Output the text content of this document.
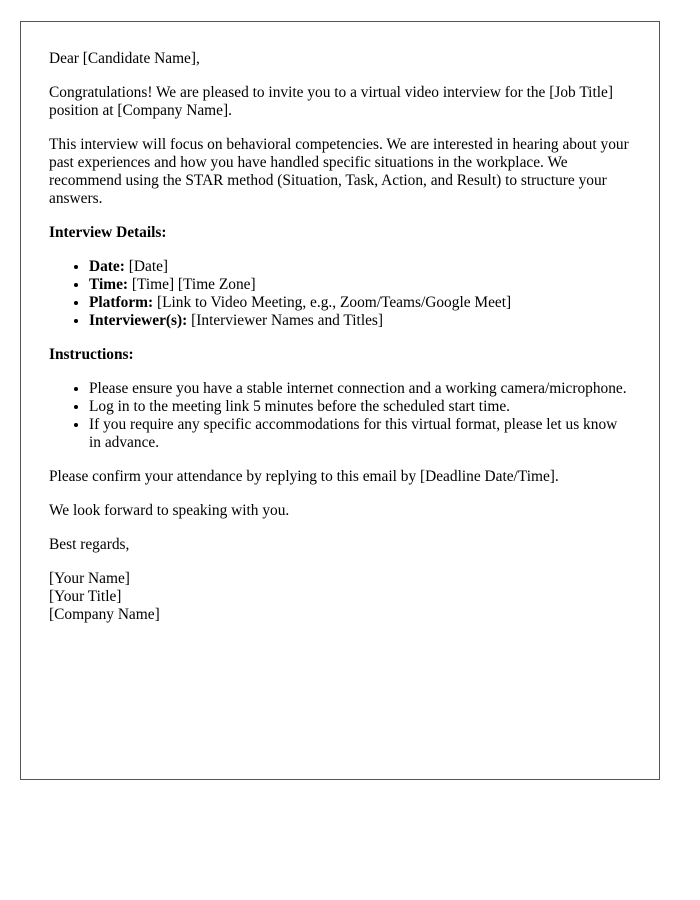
Dear [Candidate Name],

Congratulations! We are pleased to invite you to a virtual video interview for the [Job Title] position at [Company Name].

This interview will focus on behavioral competencies. We are interested in hearing about your past experiences and how you have handled specific situations in the workplace. We recommend using the STAR method (Situation, Task, Action, and Result) to structure your answers.

Interview Details:

• Date: [Date]
• Time: [Time] [Time Zone]
• Platform: [Link to Video Meeting, e.g., Zoom/Teams/Google Meet]
• Interviewer(s): [Interviewer Names and Titles]

Instructions:

• Please ensure you have a stable internet connection and a working camera/microphone.
• Log in to the meeting link 5 minutes before the scheduled start time.
• If you require any specific accommodations for this virtual format, please let us know in advance.

Please confirm your attendance by replying to this email by [Deadline Date/Time].

We look forward to speaking with you.

Best regards,

[Your Name]
[Your Title]
[Company Name]
